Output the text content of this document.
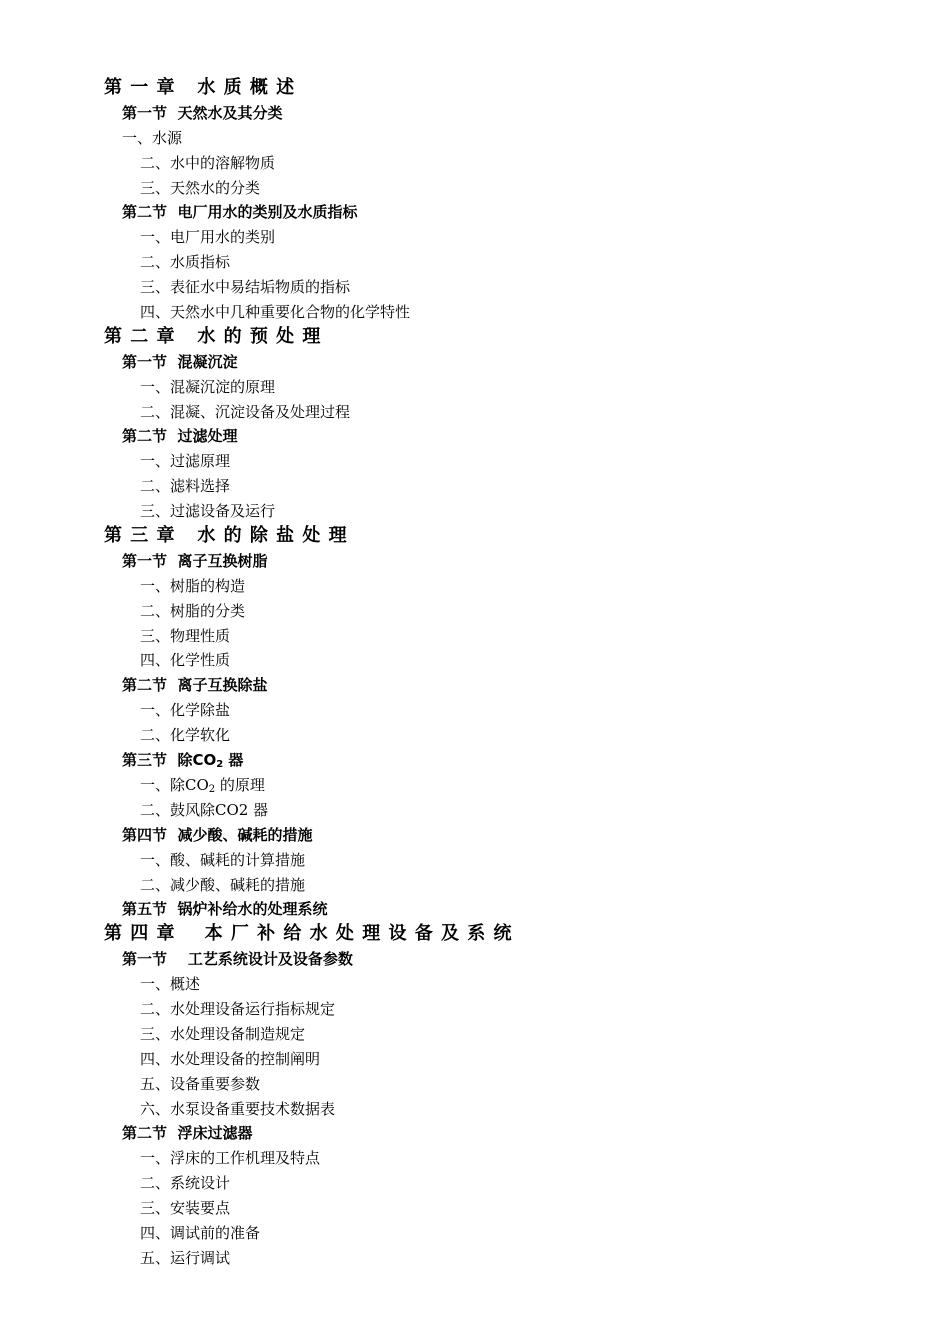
第 一 章   水 质 概 述
第一节  天然水及其分类
一、水源
二、水中的溶解物质
三、天然水的分类
第二节  电厂用水的类别及水质指标
一、电厂用水的类别
二、水质指标
三、表征水中易结垢物质的指标
四、天然水中几种重要化合物的化学特性
第 二 章   水 的 预 处 理
第一节  混凝沉淀
一、混凝沉淀的原理
二、混凝、沉淀设备及处理过程
第二节  过滤处理
一、过滤原理
二、滤料选择
三、过滤设备及运行
第 三 章   水 的 除 盐 处 理
第一节  离子互换树脂
一、树脂的构造
二、树脂的分类
三、物理性质
四、化学性质
第二节  离子互换除盐
一、化学除盐
二、化学软化
第三节  除$CO_2$ 器
一、除$CO_2$ 的原理
二、鼓风除CO2 器
第四节  减少酸、碱耗的措施
一、酸、碱耗的计算措施
二、减少酸、碱耗的措施
第五节  锅炉补给水的处理系统
第 四 章    本 厂 补 给 水 处 理 设 备 及 系 统
第一节    工艺系统设计及设备参数
一、概述
二、水处理设备运行指标规定
三、水处理设备制造规定
四、水处理设备的控制阐明
五、设备重要参数
六、水泵设备重要技术数据表
第二节  浮床过滤器
一、浮床的工作机理及特点
二、系统设计
三、安装要点
四、调试前的准备
五、运行调试
